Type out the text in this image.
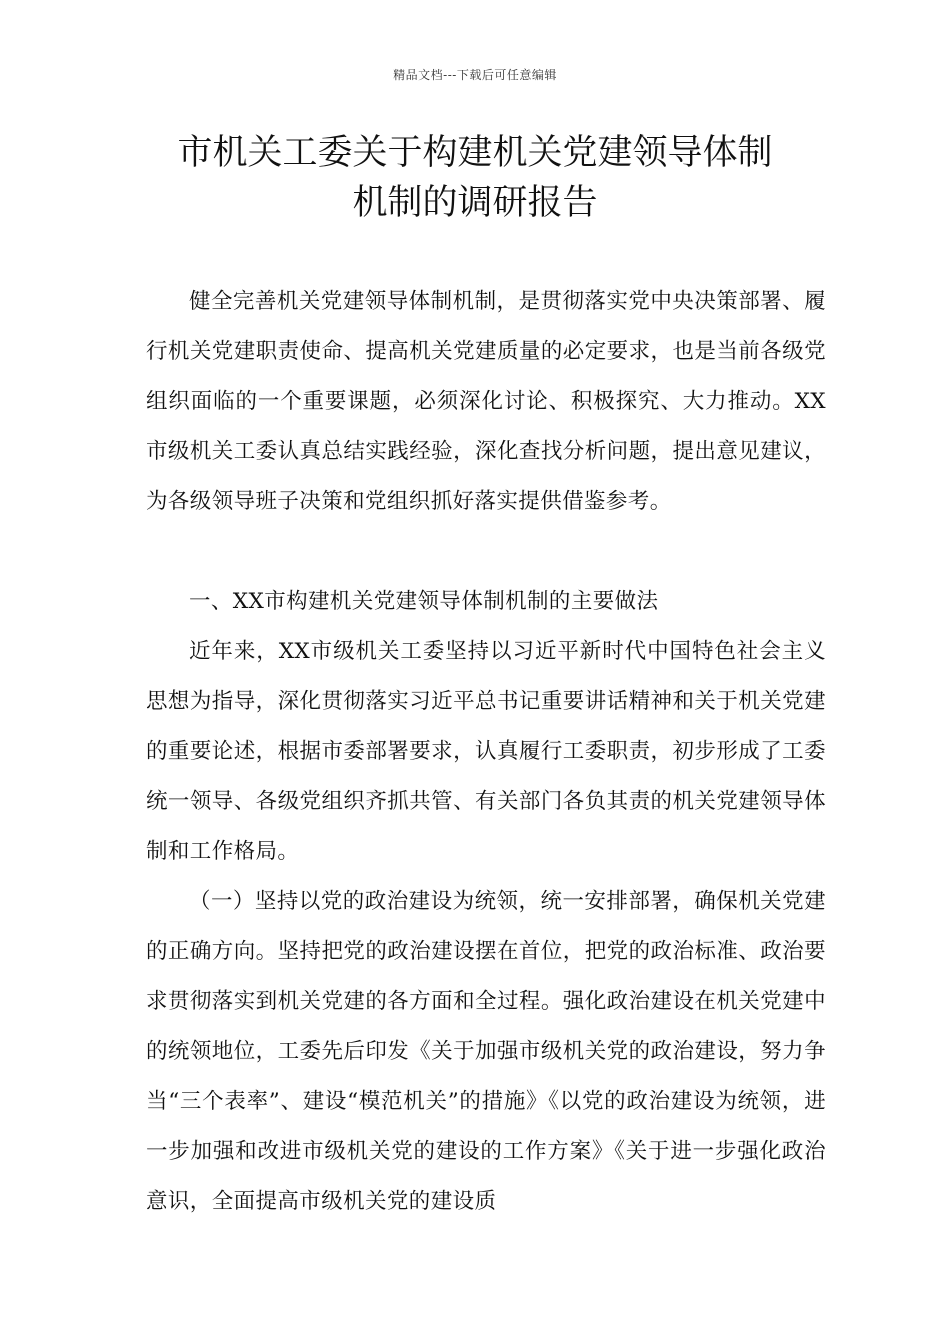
精品文档---下载后可任意编辑
市机关工委关于构建机关党建领导体制
机制的调研报告

健全完善机关党建领导体制机制，是贯彻落实党中央决策部署、履行机关党建职责使命、提高机关党建质量的必定要求，也是当前各级党组织面临的一个重要课题，必须深化讨论、积极探究、大力推动。XX市级机关工委认真总结实践经验，深化查找分析问题，提出意见建议，为各级领导班子决策和党组织抓好落实提供借鉴参考。

一、XX市构建机关党建领导体制机制的主要做法

近年来，XX市级机关工委坚持以习近平新时代中国特色社会主义思想为指导，深化贯彻落实习近平总书记重要讲话精神和关于机关党建的重要论述，根据市委部署要求，认真履行工委职责，初步形成了工委统一领导、各级党组织齐抓共管、有关部门各负其责的机关党建领导体制和工作格局。

（一）坚持以党的政治建设为统领，统一安排部署，确保机关党建的正确方向。坚持把党的政治建设摆在首位，把党的政治标准、政治要求贯彻落实到机关党建的各方面和全过程。强化政治建设在机关党建中的统领地位，工委先后印发《关于加强市级机关党的政治建设，努力争当“三个表率”、建设“模范机关”的措施》《以党的政治建设为统领，进一步加强和改进市级机关党的建设的工作方案》《关于进一步强化政治意识，全面提高市级机关党的建设质
